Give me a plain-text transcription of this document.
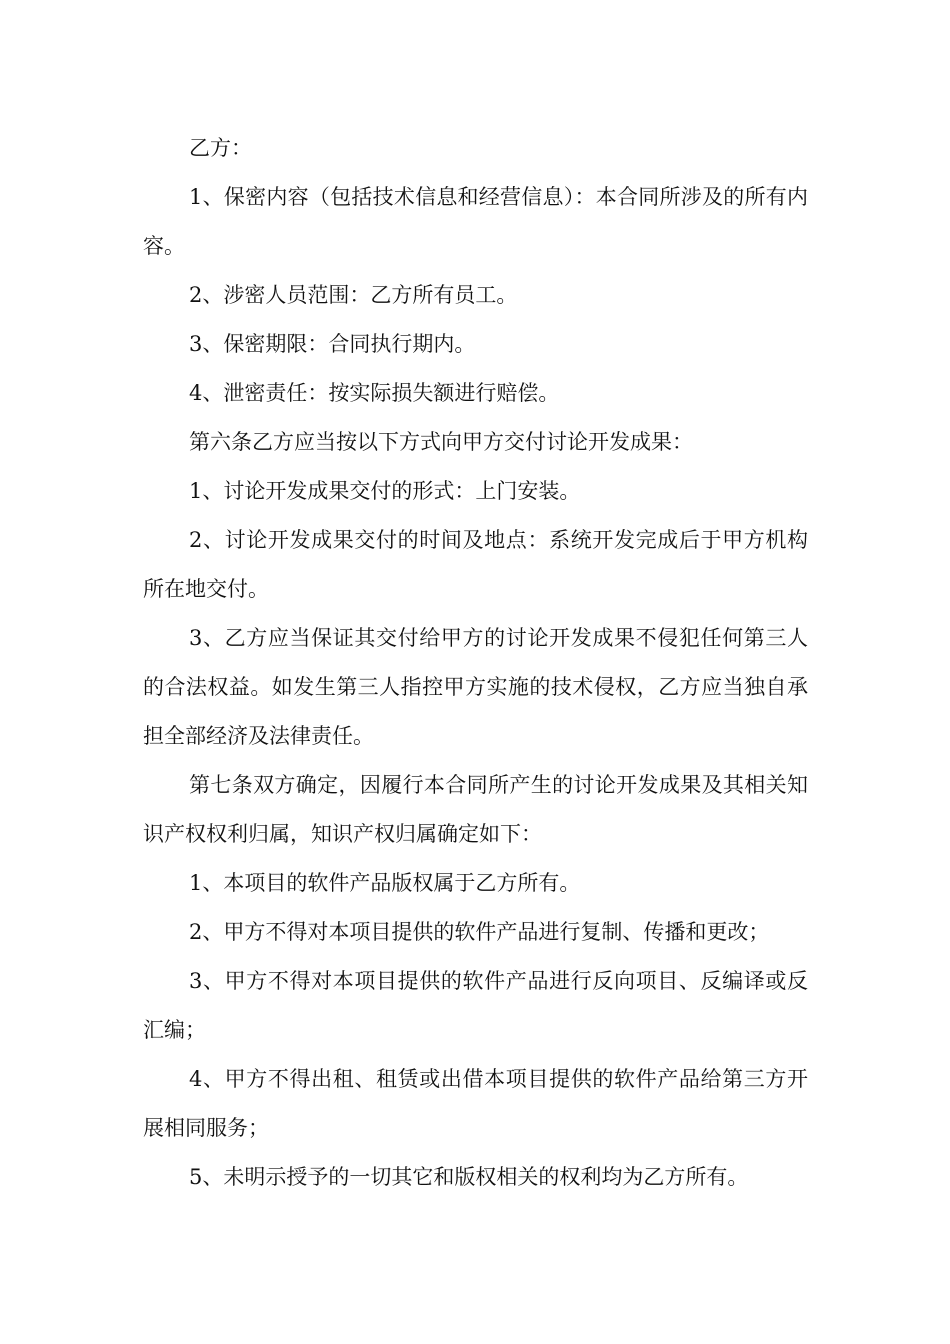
乙方：

1、保密内容（包括技术信息和经营信息）：本合同所涉及的所有内容。

2、涉密人员范围：乙方所有员工。

3、保密期限：合同执行期内。

4、泄密责任：按实际损失额进行赔偿。

第六条乙方应当按以下方式向甲方交付讨论开发成果：

1、讨论开发成果交付的形式：上门安装。

2、讨论开发成果交付的时间及地点：系统开发完成后于甲方机构所在地交付。

3、乙方应当保证其交付给甲方的讨论开发成果不侵犯任何第三人的合法权益。如发生第三人指控甲方实施的技术侵权，乙方应当独自承担全部经济及法律责任。

第七条双方确定，因履行本合同所产生的讨论开发成果及其相关知识产权权利归属，知识产权归属确定如下：

1、本项目的软件产品版权属于乙方所有。

2、甲方不得对本项目提供的软件产品进行复制、传播和更改；

3、甲方不得对本项目提供的软件产品进行反向项目、反编译或反汇编；

4、甲方不得出租、租赁或出借本项目提供的软件产品给第三方开展相同服务；

5、未明示授予的一切其它和版权相关的权利均为乙方所有。
